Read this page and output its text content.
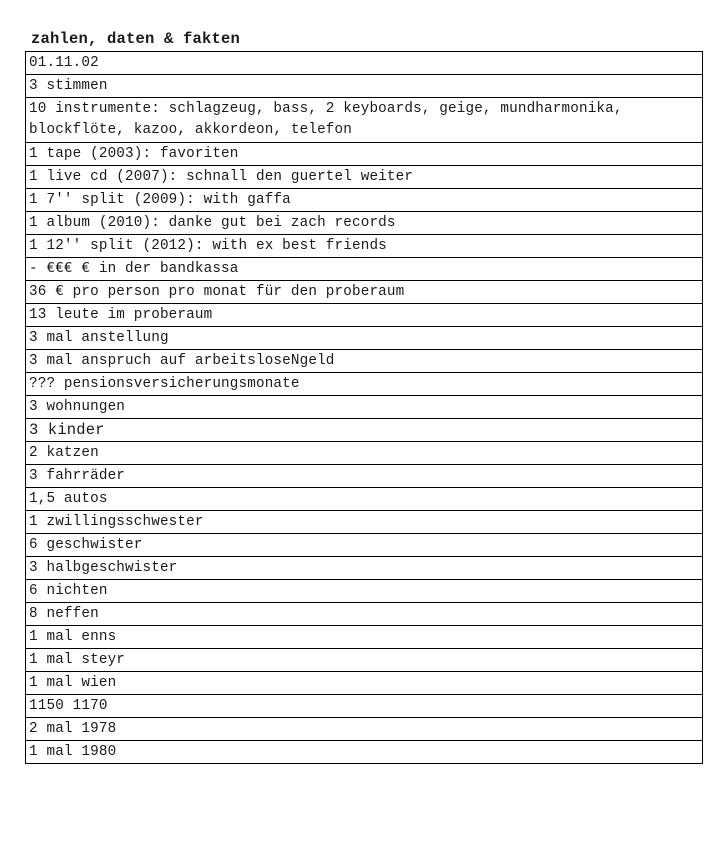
zahlen, daten & fakten
01.11.02
3 stimmen
10 instrumente: schlagzeug, bass, 2 keyboards, geige, mundharmonika, blockflöte, kazoo, akkordeon, telefon
1 tape (2003): favoriten
1 live cd (2007): schnall den guertel weiter
1 7'' split (2009): with gaffa
1 album (2010): danke gut bei zach records
1 12'' split (2012): with ex best friends
- €€€ € in der bandkassa
36 € pro person pro monat für den proberaum
13 leute im proberaum
3 mal anstellung
3 mal anspruch auf arbeitsloseNgeld
??? pensionsversicherungsmonate
3 wohnungen
3 kinder
2 katzen
3 fahrräder
1,5 autos
1 zwillingsschwester
6 geschwister
3 halbgeschwister
6 nichten
8 neffen
1 mal enns
1 mal steyr
1 mal wien
1150 1170
2 mal 1978
1 mal 1980
